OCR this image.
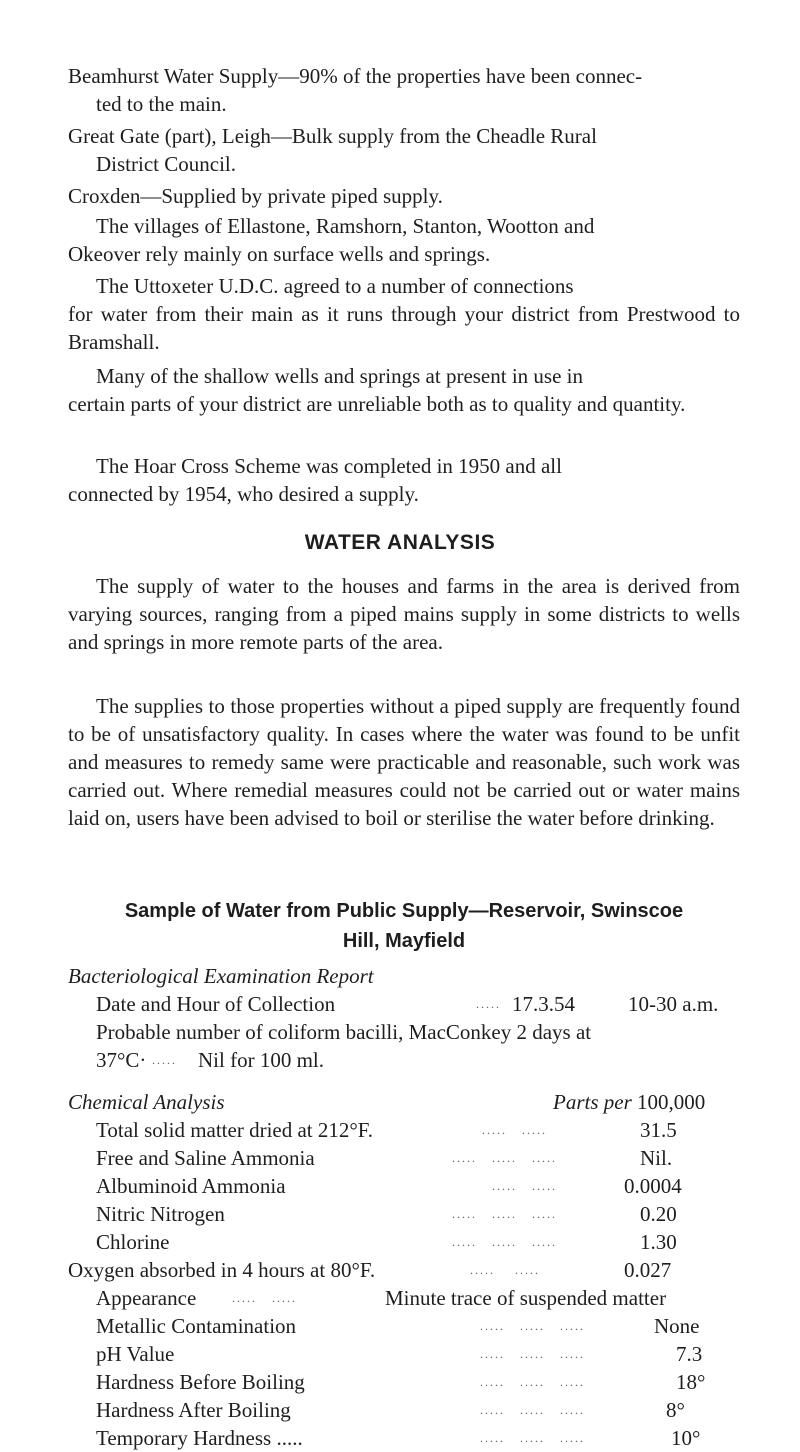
Beamhurst Water Supply—90% of the properties have been connec-
ted to the main.

Great Gate (part), Leigh—Bulk supply from the Cheadle Rural
District Council.

Croxden—Supplied by private piped supply.

The villages of Ellastone, Ramshorn, Stanton, Wootton and
Okeover rely mainly on surface wells and springs.

The Uttoxeter U.D.C. agreed to a number of connections
for water from their main as it runs through your district from Prestwood to Bramshall.

Many of the shallow wells and springs at present in use in
certain parts of your district are unreliable both as to quality and quantity.

The Hoar Cross Scheme was completed in 1950 and all
connected by 1954, who desired a supply.

WATER ANALYSIS

The supply of water to the houses and farms in the area is derived from varying sources, ranging from a piped mains supply in some districts to wells and springs in more remote parts of the area.

The supplies to those properties without a piped supply are frequently found to be of unsatisfactory quality. In cases where the water was found to be unfit and measures to remedy same were practicable and reasonable, such work was carried out. Where remedial measures could not be carried out or water mains laid on, users have been advised to boil or sterilise the water before drinking.

Sample of Water from Public Supply—Reservoir, Swinscoe
Hill, Mayfield

Bacteriological Examination Report

Date and Hour of Collection	..... 17.3.54	10-30 a.m.

Probable number of coliform bacilli, MacConkey 2 days at

37°C· ..... Nil for 100 ml.

Chemical Analysis	Parts per 100,000

Total solid matter dried at 212°F.	.....   .....	31.5

Free and Saline Ammonia	.....   .....   .....	Nil.

Albuminoid Ammonia	.....   .....	0.0004

Nitric Nitrogen	.....   .....   .....	0.20

Chlorine	.....   .....   .....	1.30

Oxygen absorbed in 4 hours at 80°F.	.....    .....	0.027

Appearance	.....   .....	Minute trace of suspended matter

Metallic Contamination	.....   .....   .....	None

pH Value	.....   .....   .....	7.3

Hardness Before Boiling	.....   .....   .....	18°

Hardness After Boiling	.....   .....   .....	8°

Temporary Hardness .....	.....   .....   .....	10°
